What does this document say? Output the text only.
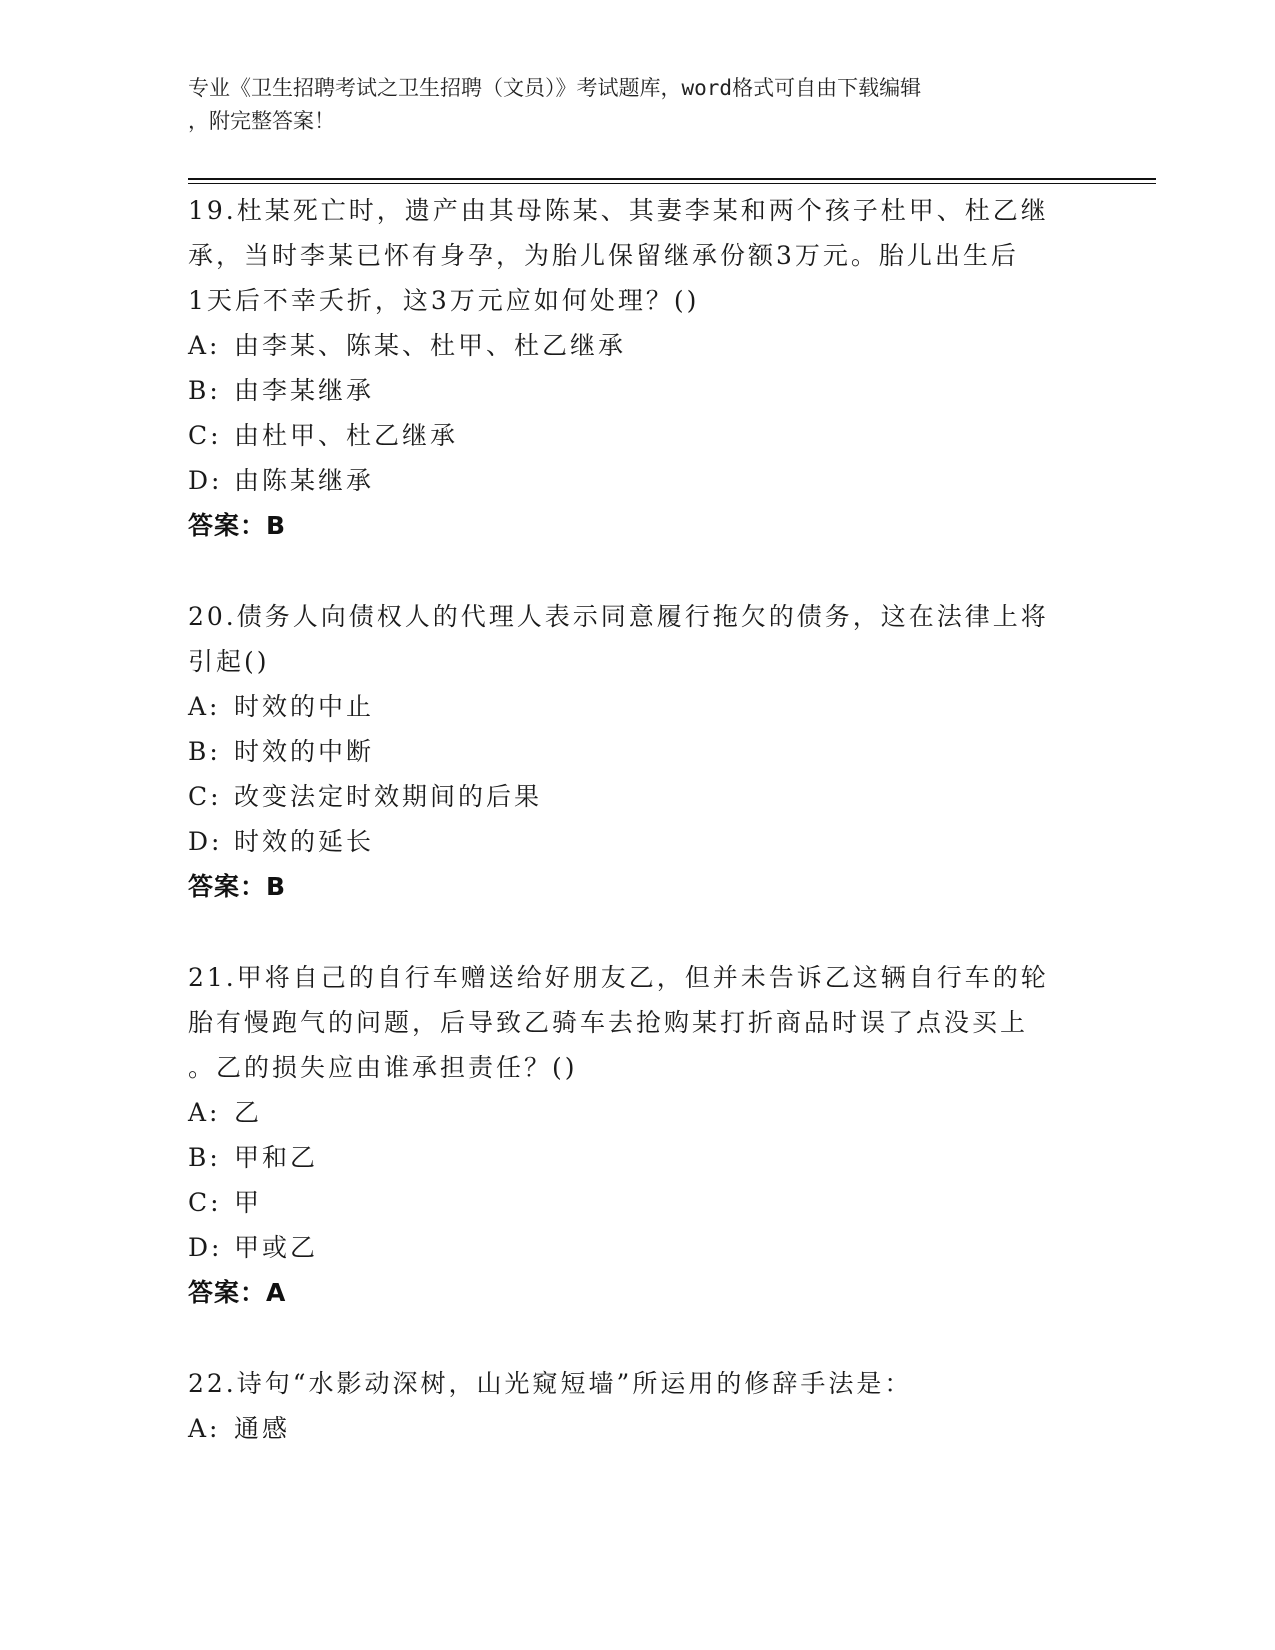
专业《卫生招聘考试之卫生招聘（文员）》考试题库，word格式可自由下载编辑
，附完整答案！
19.杜某死亡时，遗产由其母陈某、其妻李某和两个孩子杜甲、杜乙继
承，当时李某已怀有身孕，为胎儿保留继承份额3万元。胎儿出生后
1天后不幸夭折，这3万元应如何处理？()
A: 由李某、陈某、杜甲、杜乙继承
B: 由李某继承
C: 由杜甲、杜乙继承
D: 由陈某继承
答案：B
20.债务人向债权人的代理人表示同意履行拖欠的债务，这在法律上将
引起()
A: 时效的中止
B: 时效的中断
C: 改变法定时效期间的后果
D: 时效的延长
答案：B
21.甲将自己的自行车赠送给好朋友乙，但并未告诉乙这辆自行车的轮
胎有慢跑气的问题，后导致乙骑车去抢购某打折商品时误了点没买上
。乙的损失应由谁承担责任？()
A: 乙
B: 甲和乙
C: 甲
D: 甲或乙
答案：A
22.诗句“水影动深树，山光窥短墙”所运用的修辞手法是：
A: 通感
